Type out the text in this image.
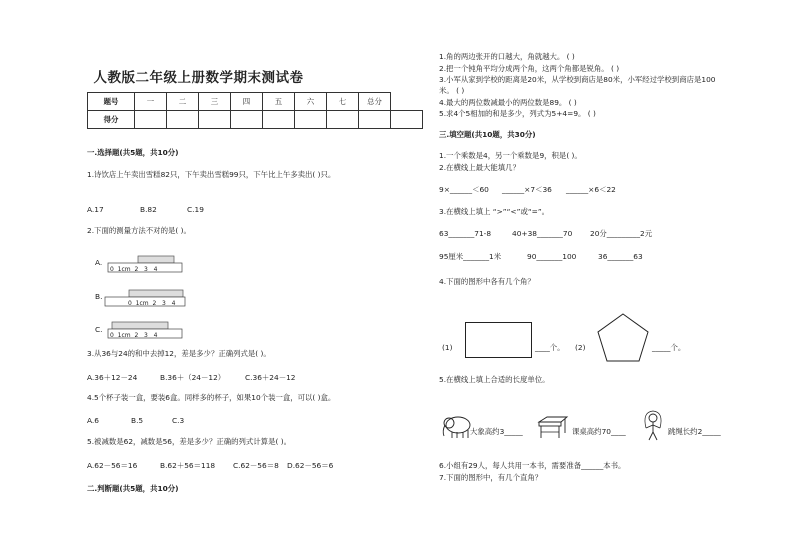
人教版二年级上册数学期末测试卷
题号	一	二	三	四	五	六	七	总分	
得分									
一.选择题(共5题，共10分)
1.诗饮店上午卖出雪糕82只，下午卖出雪糕99只，下午比上午多卖出( )只。
A.17	B.82	C.19
2.下面的测量方法不对的是( )。
A.
0 1cm 2 3 4
B.
0 1cm 2 3 4
C.
0 1cm 2 3 4
3.从36与24的和中去掉12，差是多少？正确列式是( )。
A.36＋12－24	B.36＋（24－12）	C.36＋24－12
4.5个杯子装一盒，要装6盒。同样多的杯子，如果10个装一盒，可以( )盒。
A.6	B.5	C.3
5.被减数是62，减数是56，差是多少？正确的列式计算是( )。
A.62－56＝16	B.62＋56＝118 C.62－56＝8 D.62－56＝6
二.判断题(共5题，共10分)
1.角的两边张开的口越大，角就越大。 ( )
2.把一个钝角平均分成两个角，这两个角都是锐角。 ( )
3.小军从家到学校的距离是20米，从学校到商店是80米，小军经过学校到商店是100
米。 ( )
4.最大的两位数减最小的两位数是89。 ( )
5.求4个5相加的和是多少，列式为5+4=9。 ( )
三.填空题(共10题，共30分)
1.一个乘数是4，另一个乘数是9，积是( )。
2.在横线上最大能填几？
9×______＜60 ______×7＜36 ______×6＜22
3.在横线上填上 “>”“<”或“=”。
63_______71-8	40+38_______70 20分_________2元
95厘米_______1米	90_______100	36_______63
4.下面的图形中各有几个角？
(1)	____个。 (2)	_____个。
5.在横线上填上合适的长度单位。
大象高约3_____	课桌高约70____	跳绳长约2_____
6.小组有29人，每人共用一本书，需要准备______本书。
7.下面的图形中，有几个直角？
